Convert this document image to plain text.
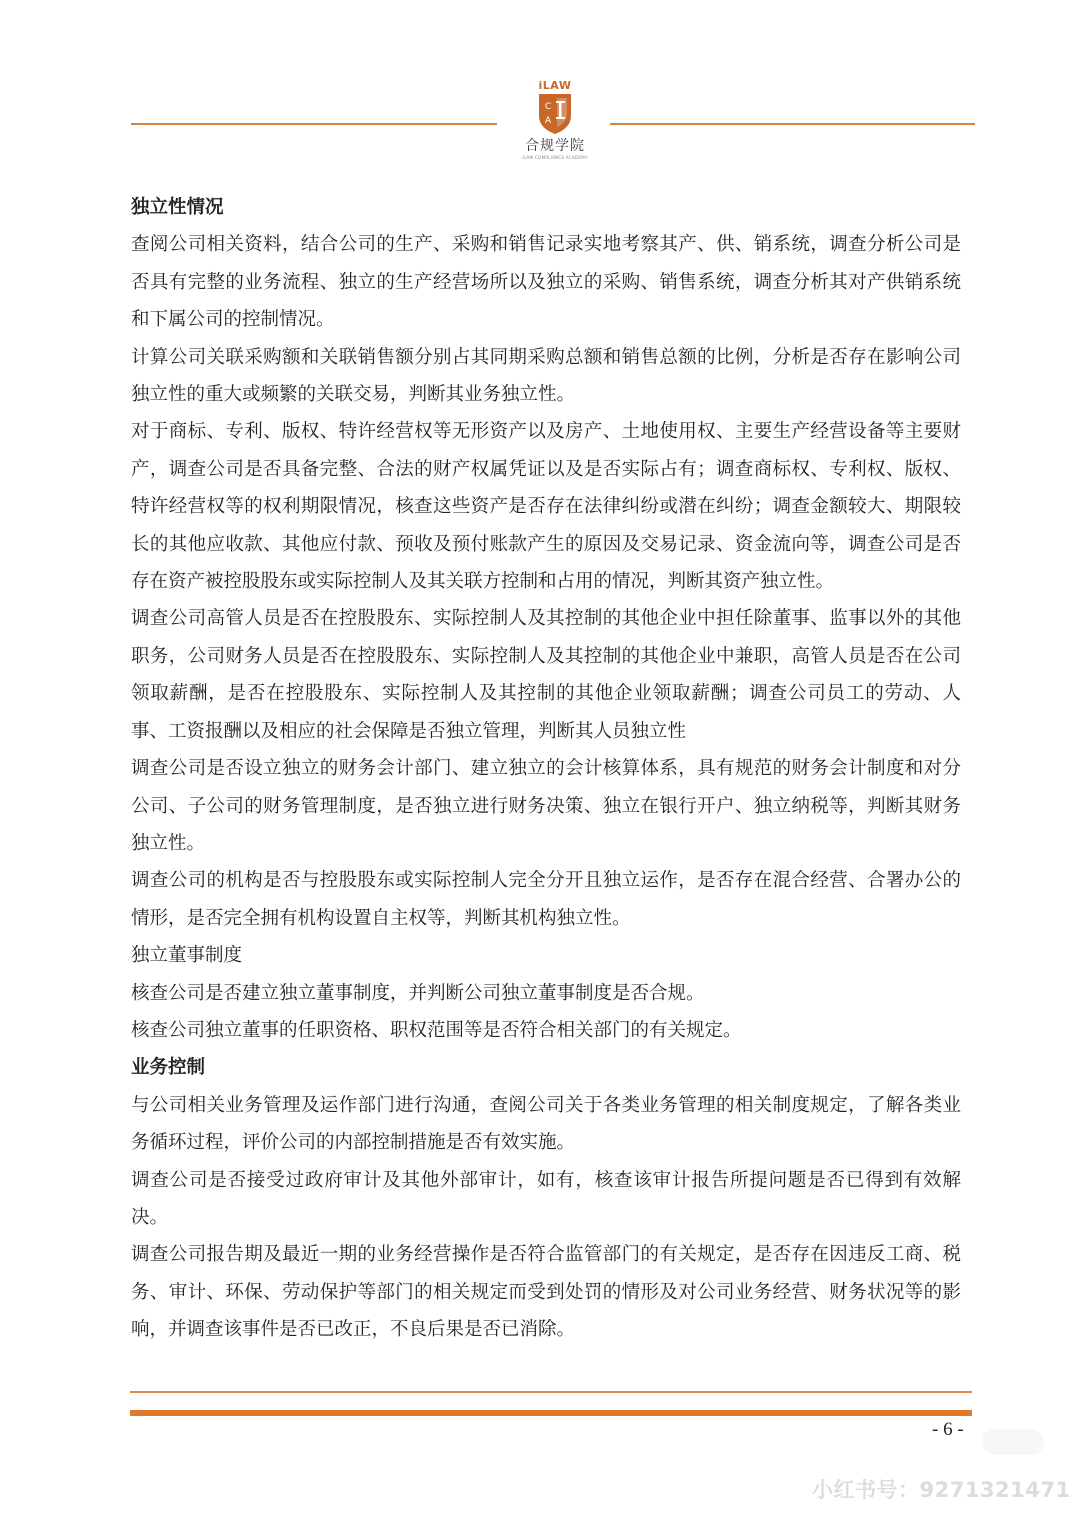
iLAW
C
A
合规学院
ILAW COMPLIANCE ACADEMY

独立性情况

查阅公司相关资料，结合公司的生产、采购和销售记录实地考察其产、供、销系统，调查分析公司是否具有完整的业务流程、独立的生产经营场所以及独立的采购、销售系统，调查分析其对产供销系统和下属公司的控制情况。

计算公司关联采购额和关联销售额分别占其同期采购总额和销售总额的比例，分析是否存在影响公司独立性的重大或频繁的关联交易，判断其业务独立性。

对于商标、专利、版权、特许经营权等无形资产以及房产、土地使用权、主要生产经营设备等主要财产，调查公司是否具备完整、合法的财产权属凭证以及是否实际占有；调查商标权、专利权、版权、特许经营权等的权利期限情况，核查这些资产是否存在法律纠纷或潜在纠纷；调查金额较大、期限较长的其他应收款、其他应付款、预收及预付账款产生的原因及交易记录、资金流向等，调查公司是否存在资产被控股股东或实际控制人及其关联方控制和占用的情况，判断其资产独立性。

调查公司高管人员是否在控股股东、实际控制人及其控制的其他企业中担任除董事、监事以外的其他职务，公司财务人员是否在控股股东、实际控制人及其控制的其他企业中兼职，高管人员是否在公司领取薪酬，是否在控股股东、实际控制人及其控制的其他企业领取薪酬；调查公司员工的劳动、人事、工资报酬以及相应的社会保障是否独立管理，判断其人员独立性

调查公司是否设立独立的财务会计部门、建立独立的会计核算体系，具有规范的财务会计制度和对分公司、子公司的财务管理制度，是否独立进行财务决策、独立在银行开户、独立纳税等，判断其财务独立性。

调查公司的机构是否与控股股东或实际控制人完全分开且独立运作，是否存在混合经营、合署办公的情形，是否完全拥有机构设置自主权等，判断其机构独立性。

独立董事制度

核查公司是否建立独立董事制度，并判断公司独立董事制度是否合规。

核查公司独立董事的任职资格、职权范围等是否符合相关部门的有关规定。

业务控制

与公司相关业务管理及运作部门进行沟通，查阅公司关于各类业务管理的相关制度规定，了解各类业务循环过程，评价公司的内部控制措施是否有效实施。

调查公司是否接受过政府审计及其他外部审计，如有，核查该审计报告所提问题是否已得到有效解决。

调查公司报告期及最近一期的业务经营操作是否符合监管部门的有关规定，是否存在因违反工商、税务、审计、环保、劳动保护等部门的相关规定而受到处罚的情形及对公司业务经营、财务状况等的影响，并调查该事件是否已改正，不良后果是否已消除。

- 6 -
小红书号：9271321471
